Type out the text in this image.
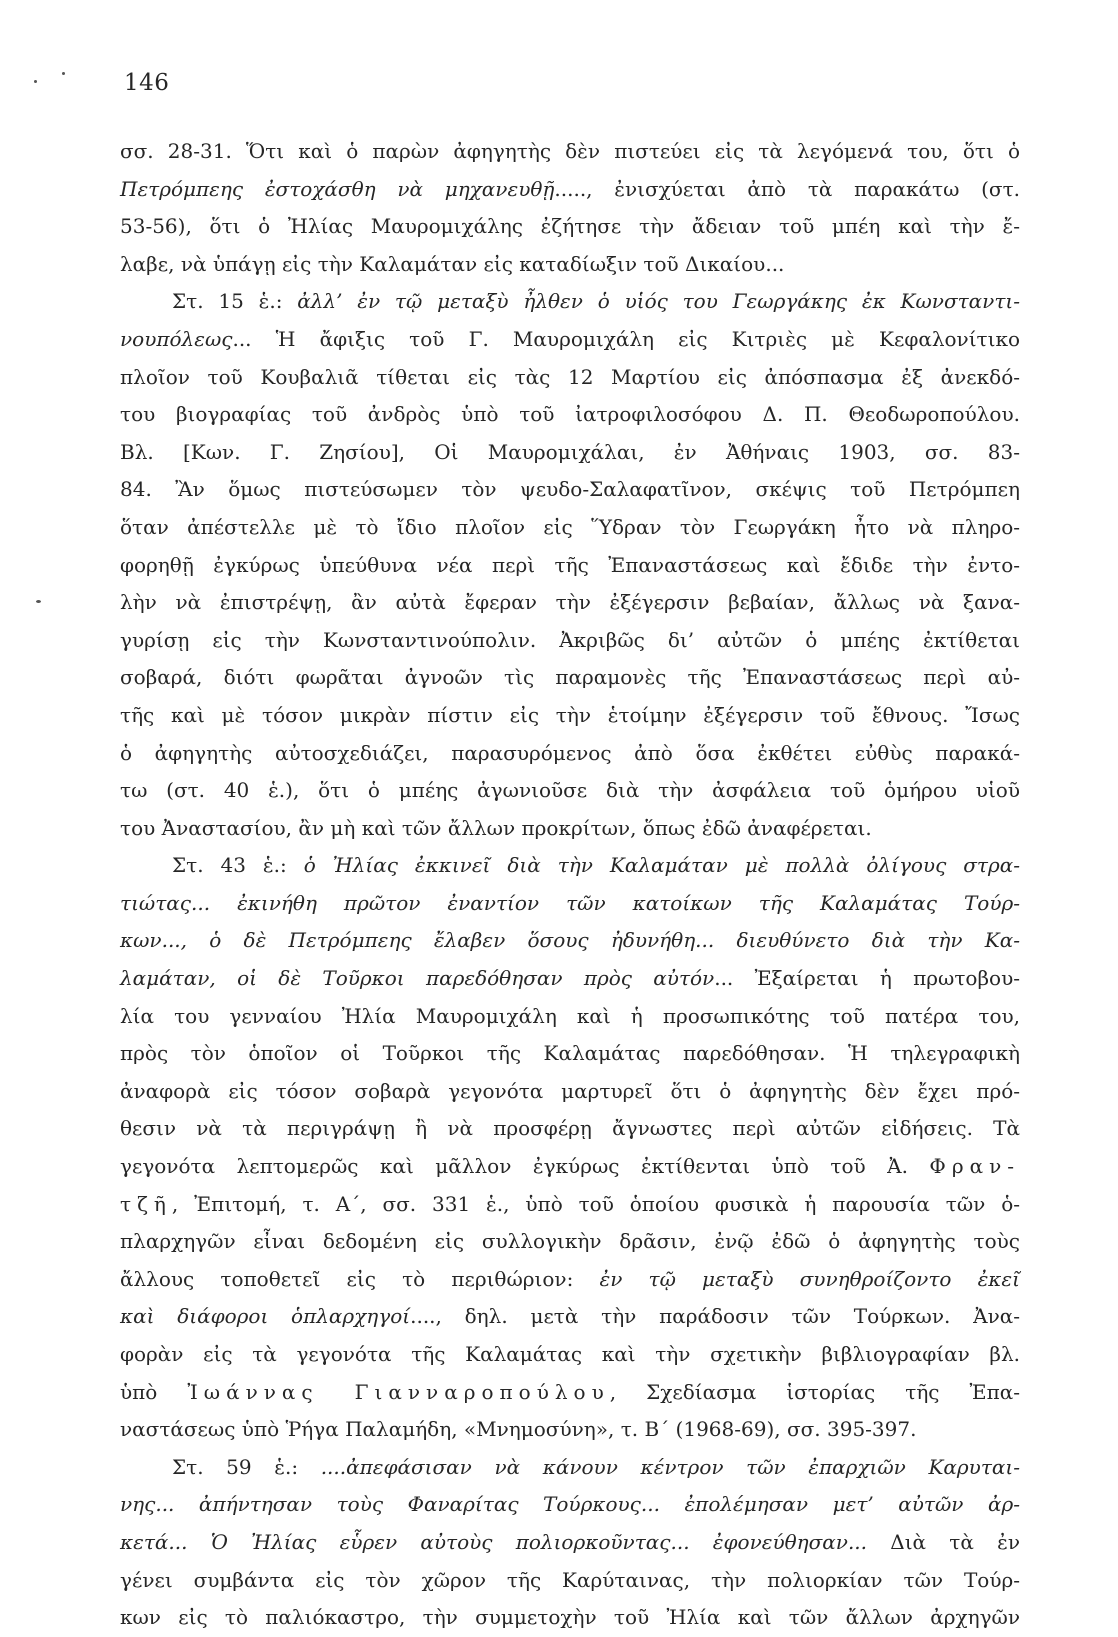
146
σσ. 28-31. Ὅτι καὶ ὁ παρὼν ἀφηγητὴς δὲν πιστεύει εἰς τὰ λεγόμενά του, ὅτι ὁ
Πετρόμπεης ἐστοχάσθη νὰ μηχανευθῇ....., ἐνισχύεται ἀπὸ τὰ παρακάτω (στ.
53-56), ὅτι ὁ Ἠλίας Μαυρομιχάλης ἐζήτησε τὴν ἄδειαν τοῦ μπέη καὶ τὴν ἔ-
λαβε, νὰ ὑπάγῃ εἰς τὴν Καλαμάταν εἰς καταδίωξιν τοῦ Δικαίου...
Στ. 15 ἑ.: ἀλλ’ ἐν τῷ μεταξὺ ἦλθεν ὁ υἱός του Γεωργάκης ἐκ Κωνσταντι-
νουπόλεως... Ἡ ἄφιξις τοῦ Γ. Μαυρομιχάλη εἰς Κιτριὲς μὲ Κεφαλονίτικο
πλοῖον τοῦ Κουβαλιᾶ τίθεται εἰς τὰς 12 Μαρτίου εἰς ἀπόσπασμα ἐξ ἀνεκδό-
του βιογραφίας τοῦ ἀνδρὸς ὑπὸ τοῦ ἰατροφιλοσόφου Δ. Π. Θεοδωροπούλου.
Βλ. [Κων. Γ. Ζησίου], Οἱ Μαυρομιχάλαι, ἐν Ἀθήναις 1903, σσ. 83-
84. Ἂν ὅμως πιστεύσωμεν τὸν ψευδο-Σαλαφατῖνον, σκέψις τοῦ Πετρόμπεη
ὅταν ἀπέστελλε μὲ τὸ ἴδιο πλοῖον εἰς Ὕδραν τὸν Γεωργάκη ἦτο νὰ πληρο-
φορηθῇ ἐγκύρως ὑπεύθυνα νέα περὶ τῆς Ἐπαναστάσεως καὶ ἔδιδε τὴν ἐντο-
λὴν νὰ ἐπιστρέψῃ, ἂν αὐτὰ ἔφεραν τὴν ἐξέγερσιν βεβαίαν, ἄλλως νὰ ξανα-
γυρίσῃ εἰς τὴν Κωνσταντινούπολιν. Ἀκριβῶς δι’ αὐτῶν ὁ μπέης ἐκτίθεται
σοβαρά, διότι φωρᾶται ἀγνοῶν τὶς παραμονὲς τῆς Ἐπαναστάσεως περὶ αὐ-
τῆς καὶ μὲ τόσον μικρὰν πίστιν εἰς τὴν ἑτοίμην ἐξέγερσιν τοῦ ἔθνους. Ἴσως
ὁ ἀφηγητὴς αὐτοσχεδιάζει, παρασυρόμενος ἀπὸ ὅσα ἐκθέτει εὐθὺς παρακά-
τω (στ. 40 ἑ.), ὅτι ὁ μπέης ἀγωνιοῦσε διὰ τὴν ἀσφάλεια τοῦ ὁμήρου υἱοῦ
του Ἀναστασίου, ἂν μὴ καὶ τῶν ἄλλων προκρίτων, ὅπως ἐδῶ ἀναφέρεται.
Στ. 43 ἑ.: ὁ Ἠλίας ἐκκινεῖ διὰ τὴν Καλαμάταν μὲ πολλὰ ὀλίγους στρα-
τιώτας... ἐκινήθη πρῶτον ἐναντίον τῶν κατοίκων τῆς Καλαμάτας Τούρ-
κων..., ὁ δὲ Πετρόμπεης ἔλαβεν ὅσους ἠδυνήθη... διευθύνετο διὰ τὴν Κα-
λαμάταν, οἱ δὲ Τοῦρκοι παρεδόθησαν πρὸς αὐτόν... Ἐξαίρεται ἡ πρωτοβου-
λία του γενναίου Ἠλία Μαυρομιχάλη καὶ ἡ προσωπικότης τοῦ πατέρα του,
πρὸς τὸν ὁποῖον οἱ Τοῦρκοι τῆς Καλαμάτας παρεδόθησαν. Ἡ τηλεγραφικὴ
ἀναφορὰ εἰς τόσον σοβαρὰ γεγονότα μαρτυρεῖ ὅτι ὁ ἀφηγητὴς δὲν ἔχει πρό-
θεσιν νὰ τὰ περιγράψῃ ἢ νὰ προσφέρῃ ἄγνωστες περὶ αὐτῶν εἰδήσεις. Τὰ
γεγονότα λεπτομερῶς καὶ μᾶλλον ἐγκύρως ἐκτίθενται ὑπὸ τοῦ Ἀ. Φραν-
τζῆ, Ἐπιτομή, τ. Α΄, σσ. 331 ἑ., ὑπὸ τοῦ ὁποίου φυσικὰ ἡ παρουσία τῶν ὁ-
πλαρχηγῶν εἶναι δεδομένη εἰς συλλογικὴν δρᾶσιν, ἐνῷ ἐδῶ ὁ ἀφηγητὴς τοὺς
ἄλλους τοποθετεῖ εἰς τὸ περιθώριον: ἐν τῷ μεταξὺ συνηθροίζοντο ἐκεῖ
καὶ διάφοροι ὁπλαρχηγοί...., δηλ. μετὰ τὴν παράδοσιν τῶν Τούρκων. Ἀνα-
φορὰν εἰς τὰ γεγονότα τῆς Καλαμάτας καὶ τὴν σχετικὴν βιβλιογραφίαν βλ.
ὑπὸ Ἰωάννας Γιανναροπούλου, Σχεδίασμα ἱστορίας τῆς Ἐπα-
ναστάσεως ὑπὸ Ῥήγα Παλαμήδη, «Μνημοσύνη», τ. Β΄ (1968-69), σσ. 395-397.
Στ. 59 ἑ.: ....ἀπεφάσισαν νὰ κάνουν κέντρον τῶν ἐπαρχιῶν Καρυται-
νης... ἀπήντησαν τοὺς Φαναρίτας Τούρκους... ἐπολέμησαν μετ’ αὐτῶν ἀρ-
κετά... Ὁ Ἠλίας εὗρεν αὐτοὺς πολιορκοῦντας... ἐφονεύθησαν... Διὰ τὰ ἐν
γένει συμβάντα εἰς τὸν χῶρον τῆς Καρύταινας, τὴν πολιορκίαν τῶν Τούρ-
κων εἰς τὸ παλιόκαστρο, τὴν συμμετοχὴν τοῦ Ἠλία καὶ τῶν ἄλλων ἀρχηγῶν
